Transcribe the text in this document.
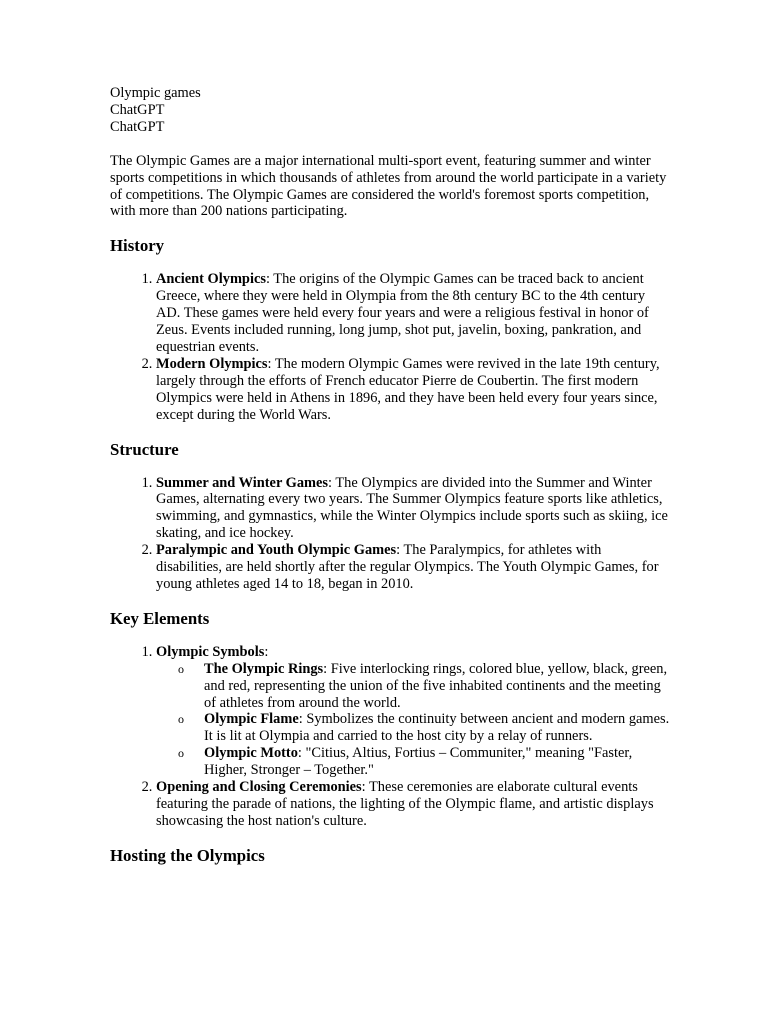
Olympic games
ChatGPT
ChatGPT

The Olympic Games are a major international multi-sport event, featuring summer and winter sports competitions in which thousands of athletes from around the world participate in a variety of competitions. The Olympic Games are considered the world's foremost sports competition, with more than 200 nations participating.

History
1. Ancient Olympics: The origins of the Olympic Games can be traced back to ancient Greece, where they were held in Olympia from the 8th century BC to the 4th century AD. These games were held every four years and were a religious festival in honor of Zeus. Events included running, long jump, shot put, javelin, boxing, pankration, and equestrian events.
2. Modern Olympics: The modern Olympic Games were revived in the late 19th century, largely through the efforts of French educator Pierre de Coubertin. The first modern Olympics were held in Athens in 1896, and they have been held every four years since, except during the World Wars.
Structure
1. Summer and Winter Games: The Olympics are divided into the Summer and Winter Games, alternating every two years. The Summer Olympics feature sports like athletics, swimming, and gymnastics, while the Winter Olympics include sports such as skiing, ice skating, and ice hockey.
2. Paralympic and Youth Olympic Games: The Paralympics, for athletes with disabilities, are held shortly after the regular Olympics. The Youth Olympic Games, for young athletes aged 14 to 18, began in 2010.
Key Elements
1. Olympic Symbols:
o The Olympic Rings: Five interlocking rings, colored blue, yellow, black, green, and red, representing the union of the five inhabited continents and the meeting of athletes from around the world.
o Olympic Flame: Symbolizes the continuity between ancient and modern games. It is lit at Olympia and carried to the host city by a relay of runners.
o Olympic Motto: "Citius, Altius, Fortius – Communiter," meaning "Faster, Higher, Stronger – Together."
2. Opening and Closing Ceremonies: These ceremonies are elaborate cultural events featuring the parade of nations, the lighting of the Olympic flame, and artistic displays showcasing the host nation's culture.
Hosting the Olympics
